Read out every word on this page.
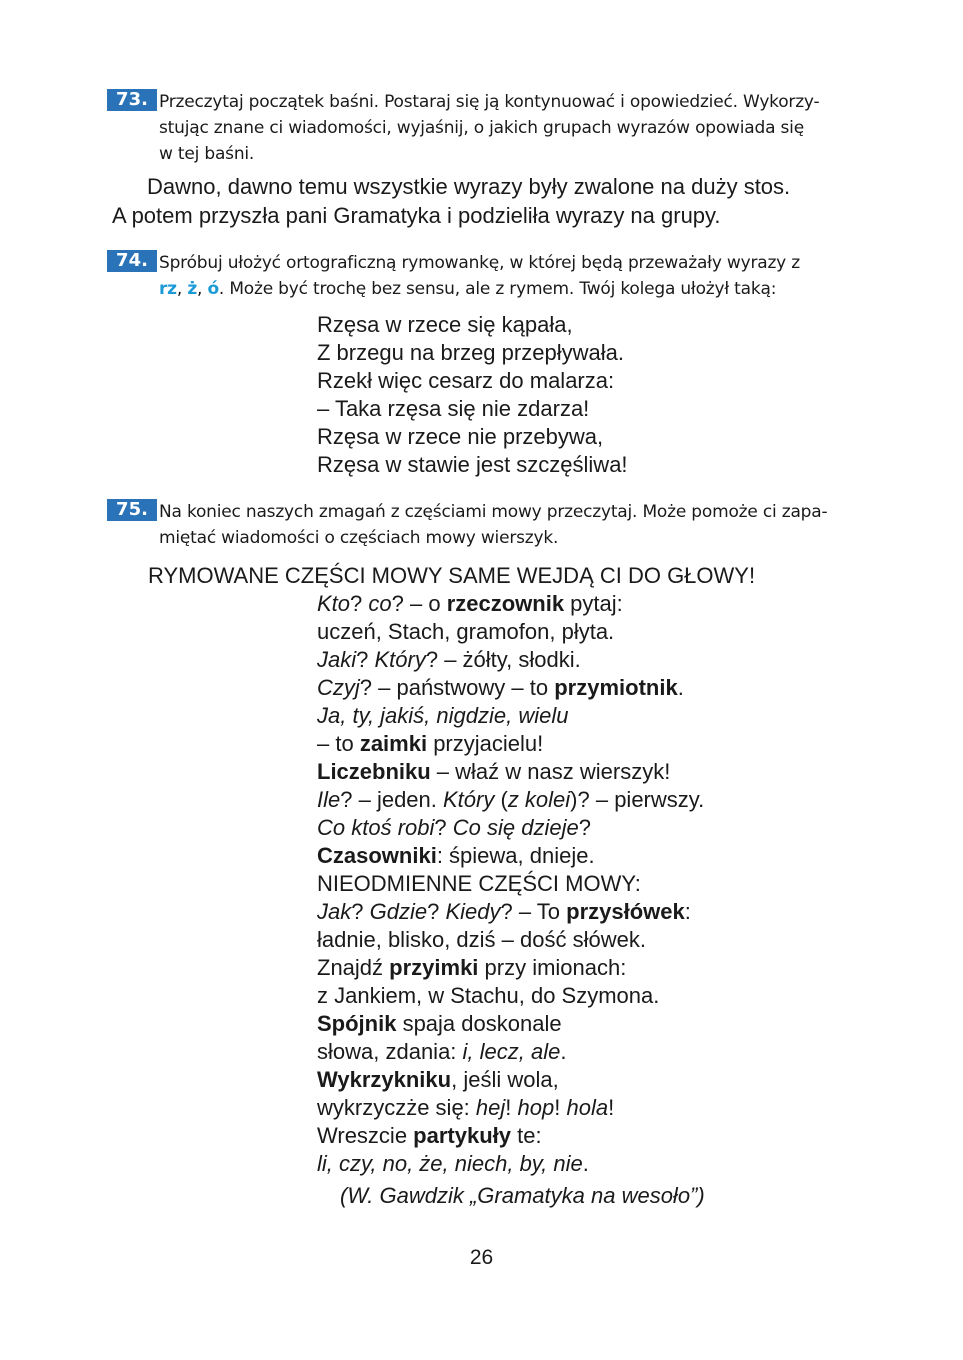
73. Przeczytaj początek baśni. Postaraj się ją kontynuować i opowiedzieć. Wykorzy-
stując znane ci wiadomości, wyjaśnij, o jakich grupach wyrazów opowiada się
w tej baśni.
Dawno, dawno temu wszystkie wyrazy były zwalone na duży stos.
A potem przyszła pani Gramatyka i podzieliła wyrazy na grupy.
74. Spróbuj ułożyć ortograficzną rymowankę, w której będą przeważały wyrazy z
rz, ż, ó. Może być trochę bez sensu, ale z rymem. Twój kolega ułożył taką:
Rzęsa w rzece się kąpała,
Z brzegu na brzeg przepływała.
Rzekł więc cesarz do malarza:
– Taka rzęsa się nie zdarza!
Rzęsa w rzece nie przebywa,
Rzęsa w stawie jest szczęśliwa!
75. Na koniec naszych zmagań z częściami mowy przeczytaj. Może pomoże ci zapa-
miętać wiadomości o częściach mowy wierszyk.
RYMOWANE CZĘŚCI MOWY SAME WEJDĄ CI DO GŁOWY!
Kto? co? – o rzeczownik pytaj:
uczeń, Stach, gramofon, płyta.
Jaki? Który? – żółty, słodki.
Czyj? – państwowy – to przymiotnik.
Ja, ty, jakiś, nigdzie, wielu
– to zaimki przyjacielu!
Liczebniku – właź w nasz wierszyk!
Ile? – jeden. Który (z kolei)? – pierwszy.
Co ktoś robi? Co się dzieje?
Czasowniki: śpiewa, dnieje.
NIEODMIENNE CZĘŚCI MOWY:
Jak? Gdzie? Kiedy? – To przysłówek:
ładnie, blisko, dziś – dość słówek.
Znajdź przyimki przy imionach:
z Jankiem, w Stachu, do Szymona.
Spójnik spaja doskonale
słowa, zdania: i, lecz, ale.
Wykrzykniku, jeśli wola,
wykrzyczże się: hej! hop! hola!
Wreszcie partykuły te:
li, czy, no, że, niech, by, nie.
(W. Gawdzik „Gramatyka na wesoło”)
26
